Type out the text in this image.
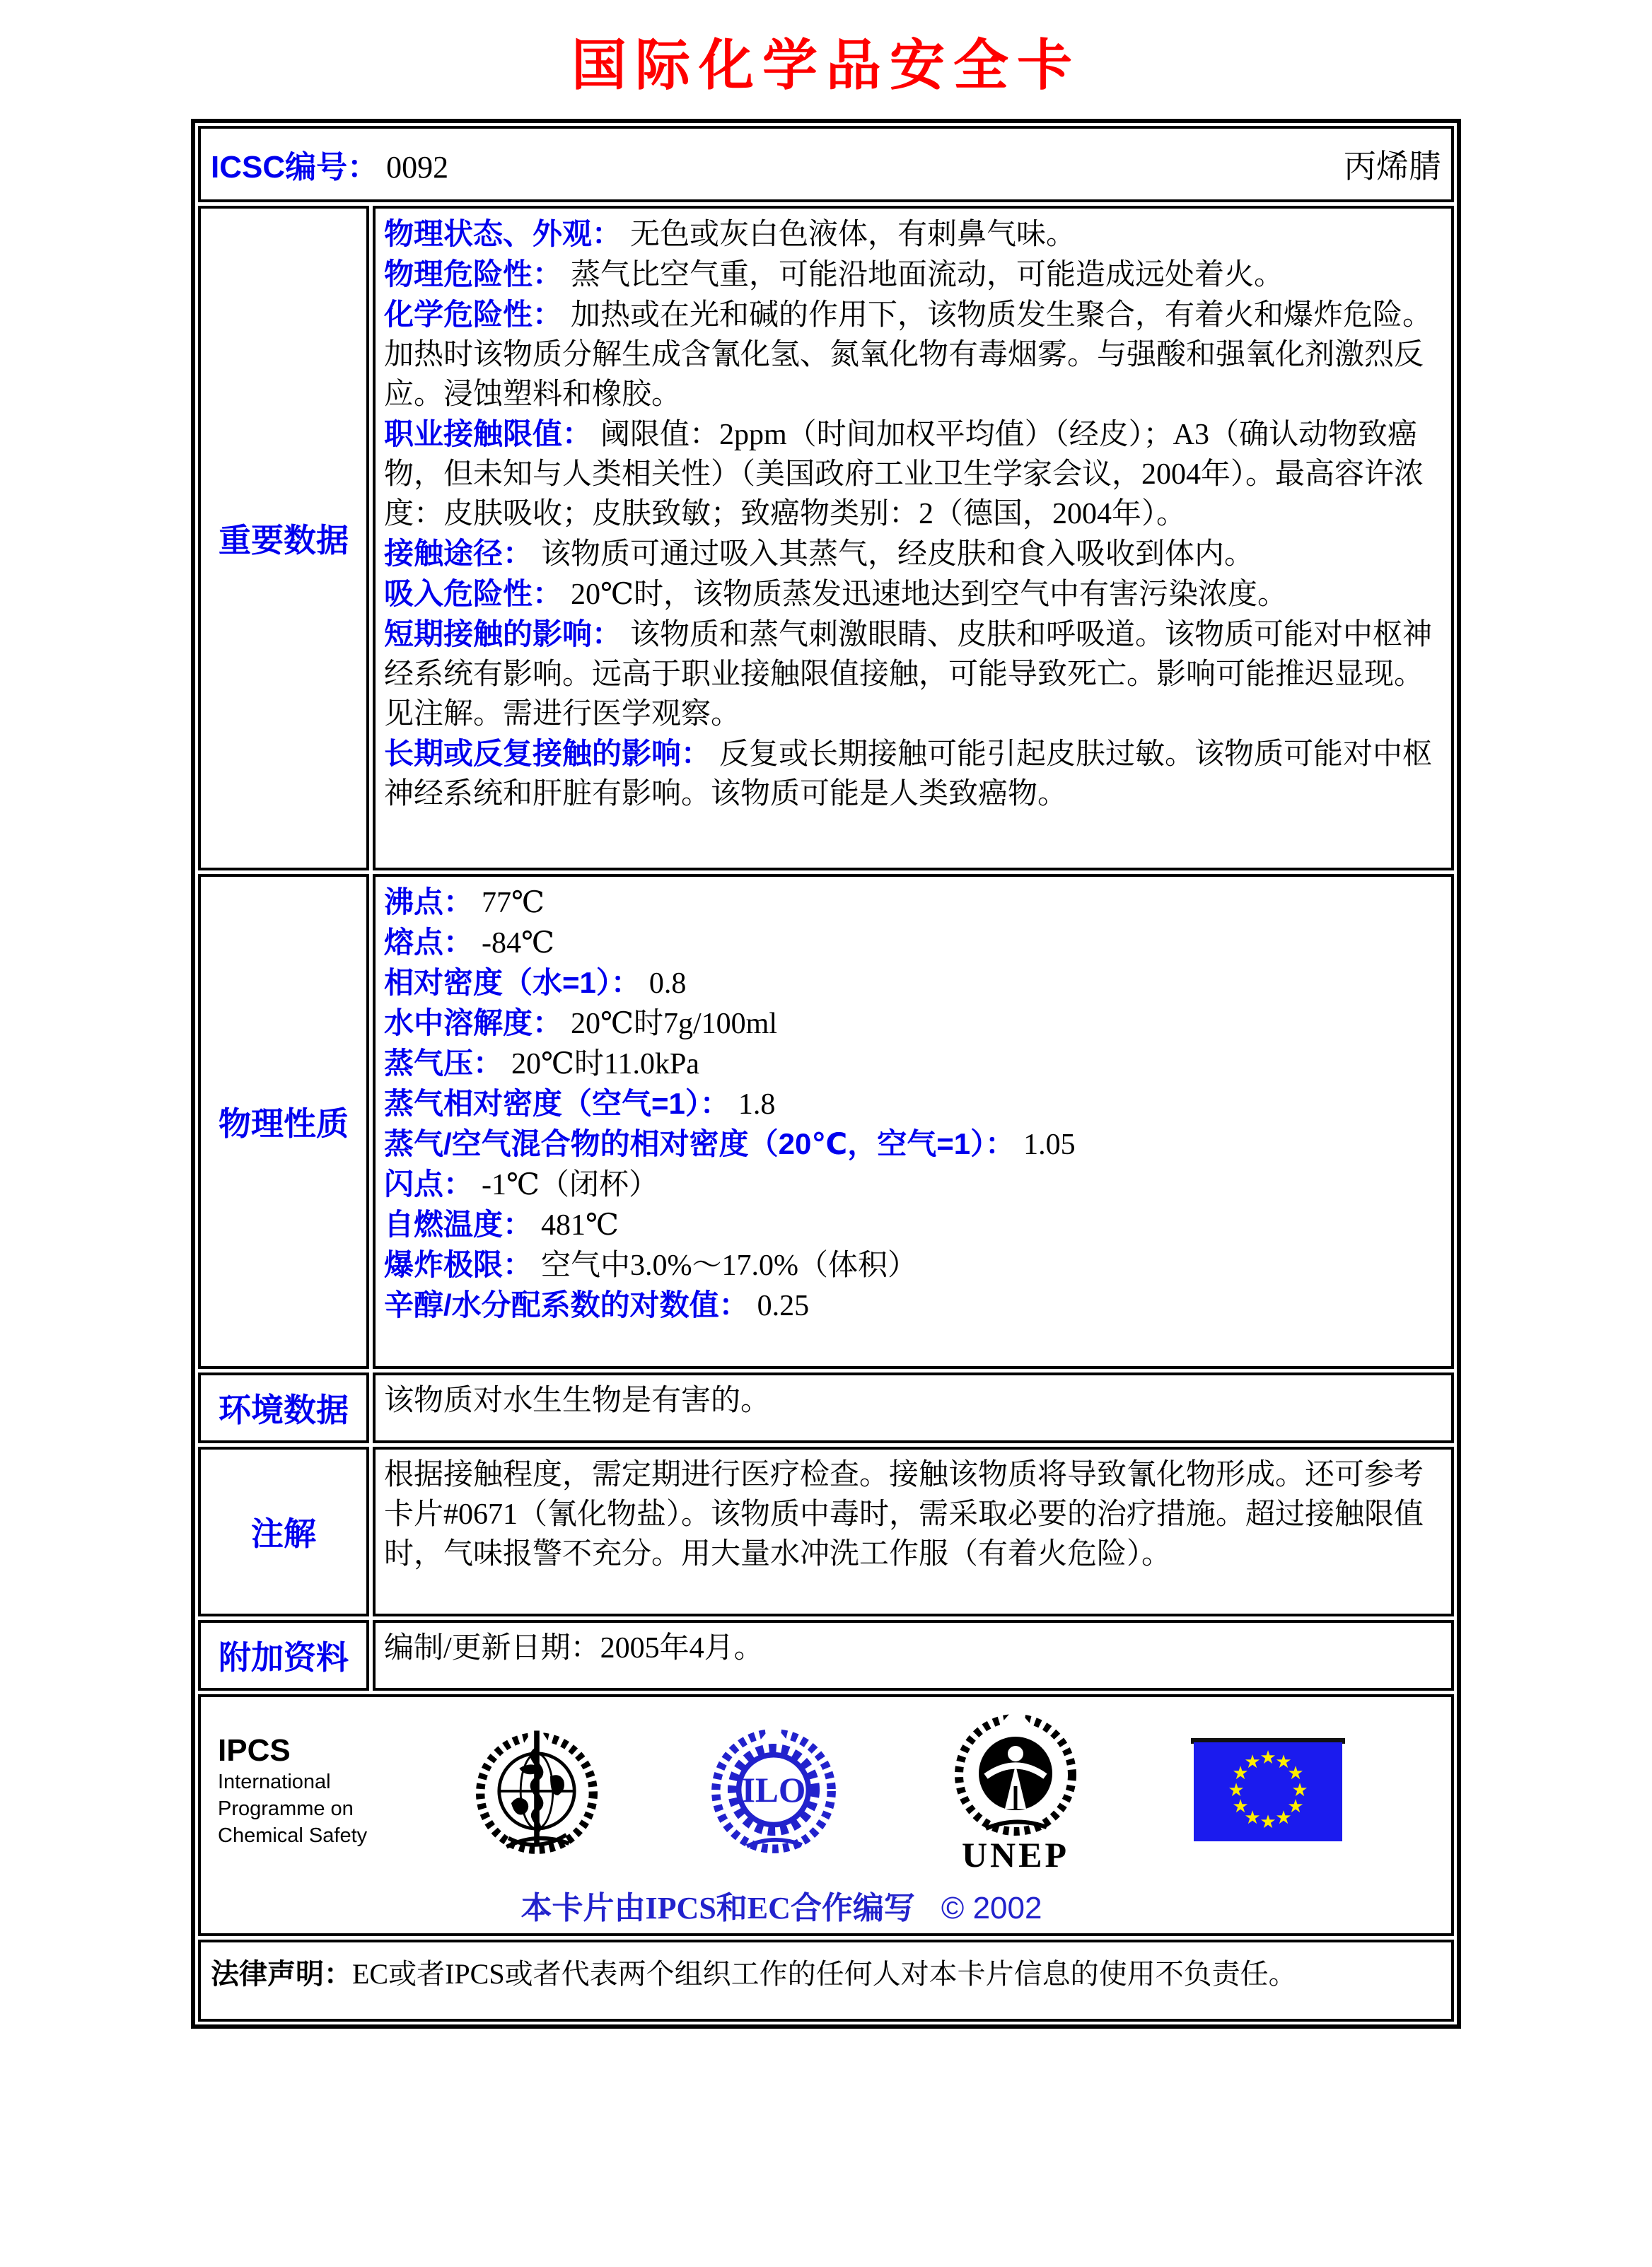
国际化学品安全卡
ICSC编号： 0092	丙烯腈
重要数据
物理状态、外观： 无色或灰白色液体，有刺鼻气味。
物理危险性： 蒸气比空气重，可能沿地面流动，可能造成远处着火。
化学危险性： 加热或在光和碱的作用下，该物质发生聚合，有着火和爆炸危险。加热时该物质分解生成含氰化氢、氮氧化物有毒烟雾。与强酸和强氧化剂激烈反应。浸蚀塑料和橡胶。
职业接触限值： 阈限值：2ppm（时间加权平均值）（经皮）；A3（确认动物致癌物，但未知与人类相关性）（美国政府工业卫生学家会议，2004年）。最高容许浓度：皮肤吸收；皮肤致敏；致癌物类别：2（德国，2004年）。
接触途径： 该物质可通过吸入其蒸气，经皮肤和食入吸收到体内。
吸入危险性： 20℃时，该物质蒸发迅速地达到空气中有害污染浓度。
短期接触的影响： 该物质和蒸气刺激眼睛、皮肤和呼吸道。该物质可能对中枢神经系统有影响。远高于职业接触限值接触，可能导致死亡。影响可能推迟显现。见注解。需进行医学观察。
长期或反复接触的影响： 反复或长期接触可能引起皮肤过敏。该物质可能对中枢神经系统和肝脏有影响。该物质可能是人类致癌物。
物理性质
沸点： 77℃
熔点： -84℃
相对密度（水=1）： 0.8
水中溶解度： 20℃时7g/100ml
蒸气压： 20℃时11.0kPa
蒸气相对密度（空气=1）： 1.8
蒸气/空气混合物的相对密度（20℃，空气=1）： 1.05
闪点： -1℃（闭杯）
自燃温度： 481℃
爆炸极限： 空气中3.0%～17.0%（体积）
辛醇/水分配系数的对数值： 0.25
环境数据	该物质对水生生物是有害的。
注解
根据接触程度，需定期进行医疗检查。接触该物质将导致氰化物形成。还可参考卡片#0671（氰化物盐）。该物质中毒时，需采取必要的治疗措施。超过接触限值时，气味报警不充分。用大量水冲洗工作服（有着火危险）。
附加资料	编制/更新日期：2005年4月。
IPCS
International
Programme on
Chemical Safety
ILO
UNEP
★
★
★
★
★
★
★
★
★
★
★
★
本卡片由IPCS和EC合作编写 © 2002
法律声明：EC或者IPCS或者代表两个组织工作的任何人对本卡片信息的使用不负责任。
